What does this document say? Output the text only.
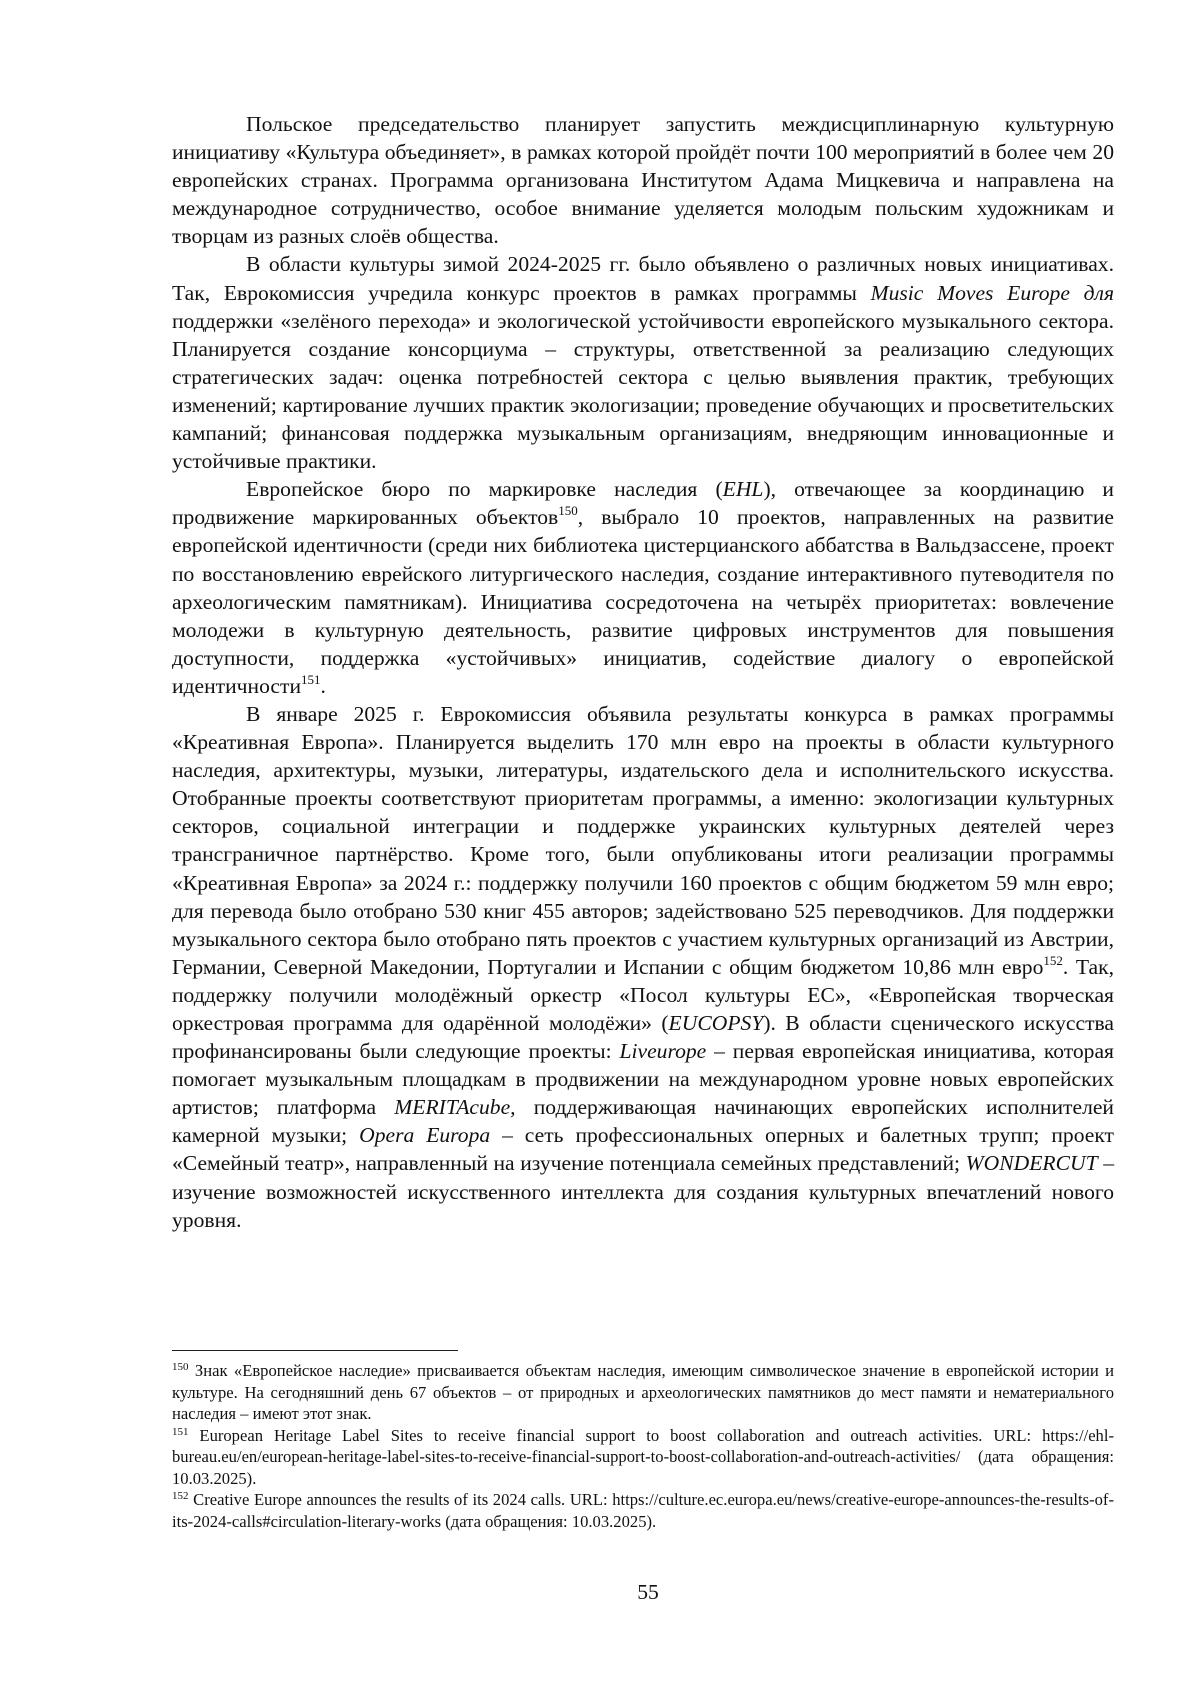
Польское председательство планирует запустить междисциплинарную культурную инициативу «Культура объединяет», в рамках которой пройдёт почти 100 мероприятий в более чем 20 европейских странах. Программа организована Институтом Адама Мицкевича и направлена на международное сотрудничество, особое внимание уделяется молодым польским художникам и творцам из разных слоёв общества.

В области культуры зимой 2024-2025 гг. было объявлено о различных новых инициативах. Так, Еврокомиссия учредила конкурс проектов в рамках программы Music Moves Europe для поддержки «зелёного перехода» и экологической устойчивости европейского музыкального сектора. Планируется создание консорциума – структуры, ответственной за реализацию следующих стратегических задач: оценка потребностей сектора с целью выявления практик, требующих изменений; картирование лучших практик экологизации; проведение обучающих и просветительских кампаний; финансовая поддержка музыкальным организациям, внедряющим инновационные и устойчивые практики.

Европейское бюро по маркировке наследия (EHL), отвечающее за координацию и продвижение маркированных объектов$^{150}$, выбрало 10 проектов, направленных на развитие европейской идентичности (среди них библиотека цистерцианского аббатства в Вальдзассене, проект по восстановлению еврейского литургического наследия, создание интерактивного путеводителя по археологическим памятникам). Инициатива сосредоточена на четырёх приоритетах: вовлечение молодежи в культурную деятельность, развитие цифровых инструментов для повышения доступности, поддержка «устойчивых» инициатив, содействие диалогу о европейской идентичности$^{151}$.

В январе 2025 г. Еврокомиссия объявила результаты конкурса в рамках программы «Креативная Европа». Планируется выделить 170 млн евро на проекты в области культурного наследия, архитектуры, музыки, литературы, издательского дела и исполнительского искусства. Отобранные проекты соответствуют приоритетам программы, а именно: экологизации культурных секторов, социальной интеграции и поддержке украинских культурных деятелей через трансграничное партнёрство. Кроме того, были опубликованы итоги реализации программы «Креативная Европа» за 2024 г.: поддержку получили 160 проектов с общим бюджетом 59 млн евро; для перевода было отобрано 530 книг 455 авторов; задействовано 525 переводчиков. Для поддержки музыкального сектора было отобрано пять проектов с участием культурных организаций из Австрии, Германии, Северной Македонии, Португалии и Испании с общим бюджетом 10,86 млн евро$^{152}$. Так, поддержку получили молодёжный оркестр «Посол культуры ЕС», «Европейская творческая оркестровая программа для одарённой молодёжи» (EUCOPSY). В области сценического искусства профинансированы были следующие проекты: Liveurope – первая европейская инициатива, которая помогает музыкальным площадкам в продвижении на международном уровне новых европейских артистов; платформа MERITAcube, поддерживающая начинающих европейских исполнителей камерной музыки; Opera Europa – сеть профессиональных оперных и балетных трупп; проект «Семейный театр», направленный на изучение потенциала семейных представлений; WONDERCUT – изучение возможностей искусственного интеллекта для создания культурных впечатлений нового уровня.

$^{150}$ Знак «Европейское наследие» присваивается объектам наследия, имеющим символическое значение в европейской истории и культуре. На сегодняшний день 67 объектов – от природных и археологических памятников до мест памяти и нематериального наследия – имеют этот знак.

$^{151}$ European Heritage Label Sites to receive financial support to boost collaboration and outreach activities. URL: https://ehl-bureau.eu/en/european-heritage-label-sites-to-receive-financial-support-to-boost-collaboration-and-outreach-activities/ (дата обращения: 10.03.2025).

$^{152}$ Creative Europe announces the results of its 2024 calls. URL: https://culture.ec.europa.eu/news/creative-europe-announces-the-results-of-its-2024-calls#circulation-literary-works (дата обращения: 10.03.2025).

55
